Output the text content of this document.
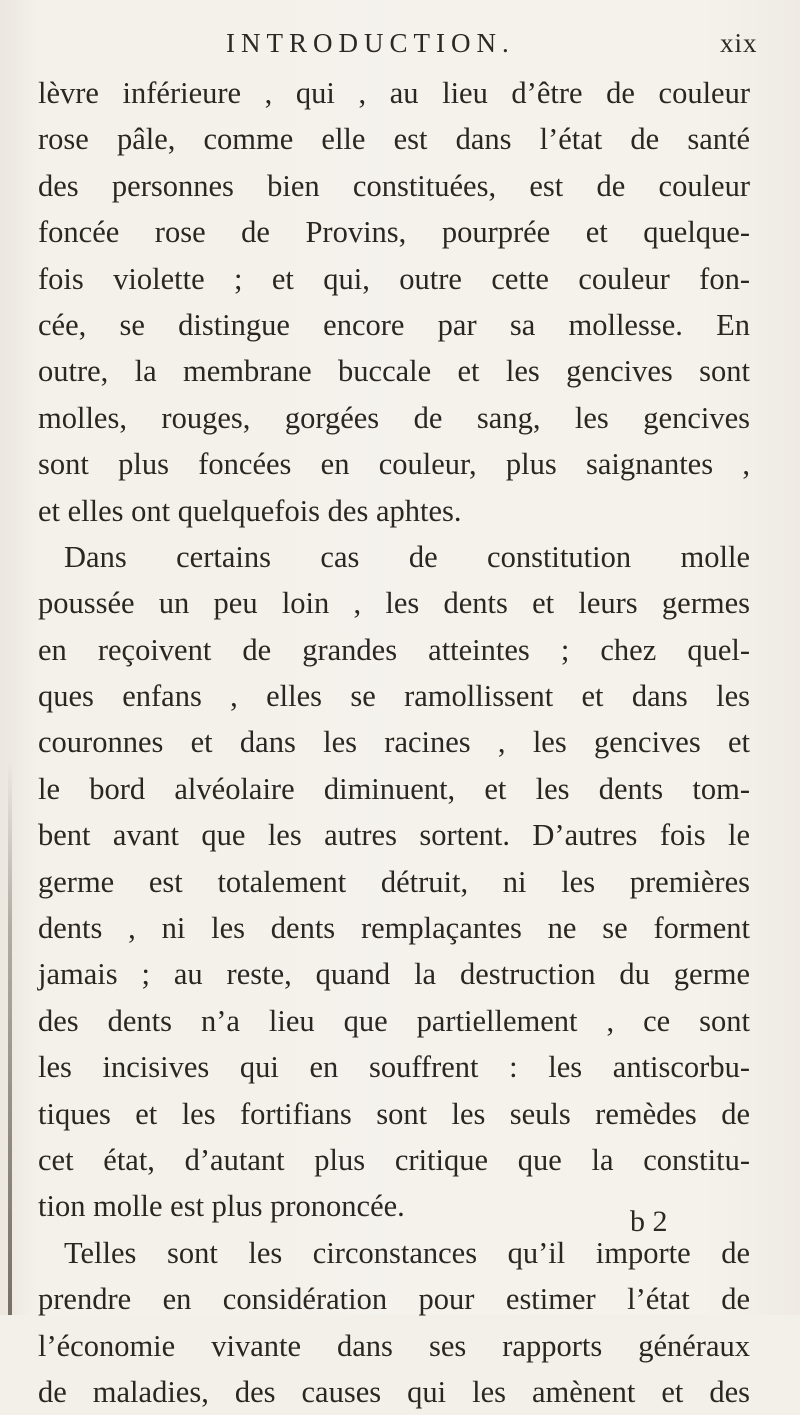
INTRODUCTION.	xix
lèvre inférieure , qui , au lieu d’être de couleur
rose pâle, comme elle est dans l’état de santé
des personnes bien constituées, est de couleur
foncée rose de Provins, pourprée et quelque-
fois violette ; et qui, outre cette couleur fon-
cée, se distingue encore par sa mollesse. En
outre, la membrane buccale et les gencives sont
molles, rouges, gorgées de sang, les gencives
sont plus foncées en couleur, plus saignantes ,
et elles ont quelquefois des aphtes.
Dans certains cas de constitution molle
poussée un peu loin , les dents et leurs germes
en reçoivent de grandes atteintes ; chez quel-
ques enfans , elles se ramollissent et dans les
couronnes et dans les racines , les gencives et
le bord alvéolaire diminuent, et les dents tom-
bent avant que les autres sortent. D’autres fois le
germe est totalement détruit, ni les premières
dents , ni les dents remplaçantes ne se forment
jamais ; au reste, quand la destruction du germe
des dents n’a lieu que partiellement , ce sont
les incisives qui en souffrent : les antiscorbu-
tiques et les fortifians sont les seuls remèdes de
cet état, d’autant plus critique que la constitu-
tion molle est plus prononcée.
Telles sont les circonstances qu’il importe de
prendre en considération pour estimer l’état de
l’économie vivante dans ses rapports généraux
de maladies, des causes qui les amènent et des
b 2
